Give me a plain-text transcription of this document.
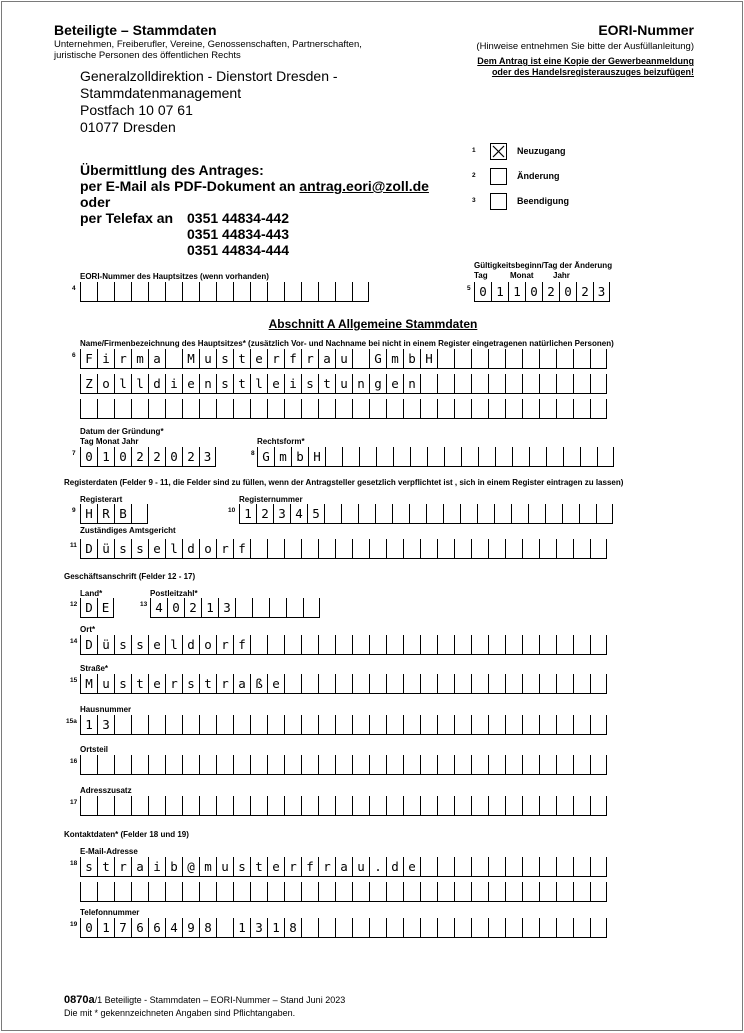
Beteiligte – Stammdaten
Unternehmen, Freiberufler, Vereine, Genossenschaften, Partnerschaften,
juristische Personen des öffentlichen Rechts
EORI-Nummer
(Hinweise entnehmen Sie bitte der Ausfüllanleitung)
Dem Antrag ist eine Kopie der Gewerbeanmeldung
oder des Handelsregisterauszuges beizufügen!
Generalzolldirektion - Dienstort Dresden -
Stammdatenmanagement
Postfach 10 07 61
01077 Dresden
Übermittlung des Antrages:
per E-Mail als PDF-Dokument an antrag.eori@zoll.de
oder
per Telefax an 0351 44834-442
0351 44834-443
0351 44834-444
1	Neuzugang
2	Änderung
3	Beendigung
EORI-Nummer des Hauptsitzes (wenn vorhanden)
4
Gültigkeitsbeginn/Tag der Änderung
Tag	Monat Jahr
5 0 1 1 0 2 0 2 3
Abschnitt A Allgemeine Stammdaten
Name/Firmenbezeichnung des Hauptsitzes* (zusätzlich Vor- und Nachname bei nicht in einem Register eingetragenen natürlichen Personen)
6 F i r m a	M u s t e r f r a u	G m b H
Z o l l d i e n s t l e i s t u n g e n
Datum der Gründung*
Tag Monat Jahr
7 0 1 0 2 2 0 2 3
Rechtsform*
8 G m b H
Registerdaten (Felder 9 - 11, die Felder sind zu füllen, wenn der Antragsteller gesetzlich verpflichtet ist , sich in einem Register eintragen zu lassen)
Registerart
9 H R B
Registernummer
10 1 2 3 4 5
Zuständiges Amtsgericht
11 D ü s s e l d o r f
Geschäftsanschrift (Felder 12 - 17)
Land*
12 D E
Postleitzahl*
13 4 0 2 1 3
Ort*
14 D ü s s e l d o r f
Straße*
15 M u s t e r s t r a ß e
Hausnummer
15a 1 3
Ortsteil
16
Adresszusatz
17
Kontaktdaten* (Felder 18 und 19)
E-Mail-Adresse
18 s t r a i b @ m u s t e r f r a u . d e
Telefonnummer
19 0 1 7 6 6 4 9 8	1 3 1 8
0870a/1 Beteiligte - Stammdaten – EORI-Nummer – Stand Juni 2023
Die mit * gekennzeichneten Angaben sind Pflichtangaben.
